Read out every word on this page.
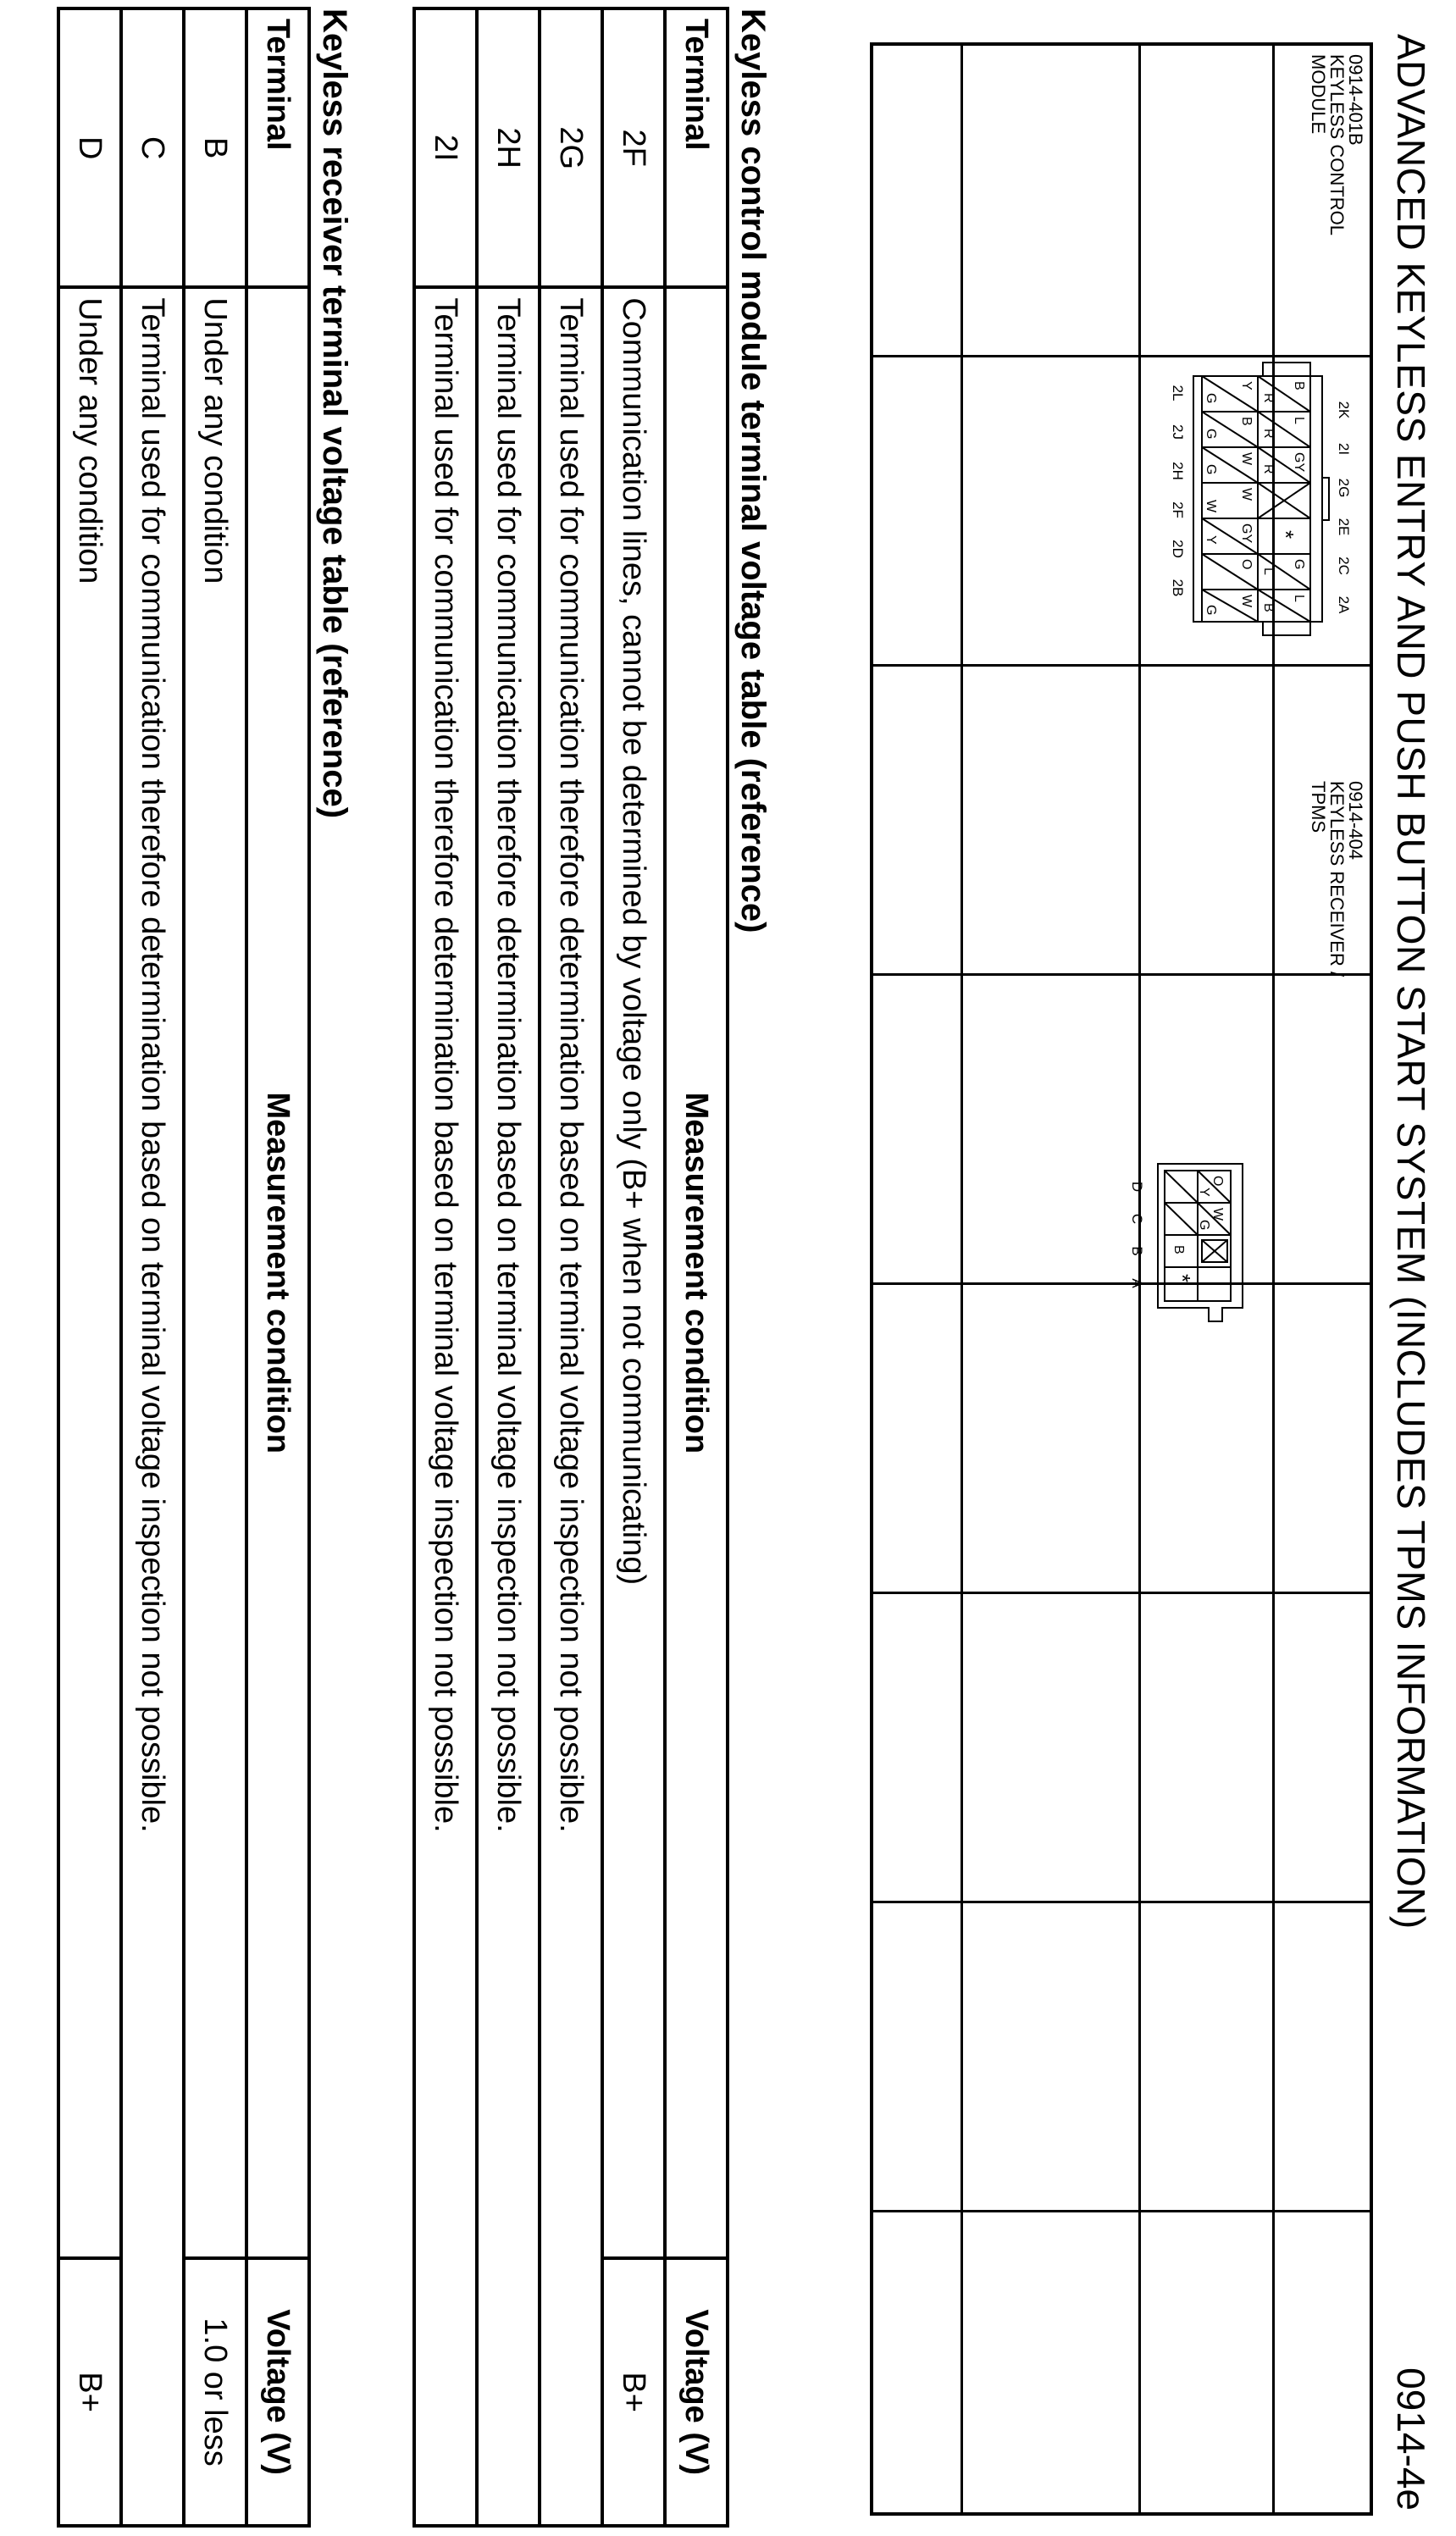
ADVANCED KEYLESS ENTRY AND PUSH BUTTON START SYSTEM (INCLUDES TPMS INFORMATION)
0914-4e
0914-401B
KEYLESS CONTROL
MODULE
2K
2I
2G
2E
2C
2A
B
L
GY
*
G
L
R
R
R
L
B
Y
B
W
W
GY
O
W
G
G
G
W
Y
G
2L
2J
2H
2F
2D
2B
0914-404
KEYLESS RECEIVER /
TPMS
O
W
*
Y
G
B
D
C
B
A
Keyless control module terminal voltage table (reference)
Terminal	Measurement condition	Voltage (V)
2F	Communication lines, cannot be determined by voltage only (B+ when not communicating)	B+
2G	Terminal used for communication therefore determination based on terminal voltage inspection not possible.	
2H	Terminal used for communication therefore determination based on terminal voltage inspection not possible.	
2I	Terminal used for communication therefore determination based on terminal voltage inspection not possible.	
Keyless receiver terminal voltage table (reference)
Terminal	Measurement condition	Voltage (V)
B	Under any condition	1.0 or less
C	Terminal used for communication therefore determination based on terminal voltage inspection not possible.	
D	Under any condition	B+
